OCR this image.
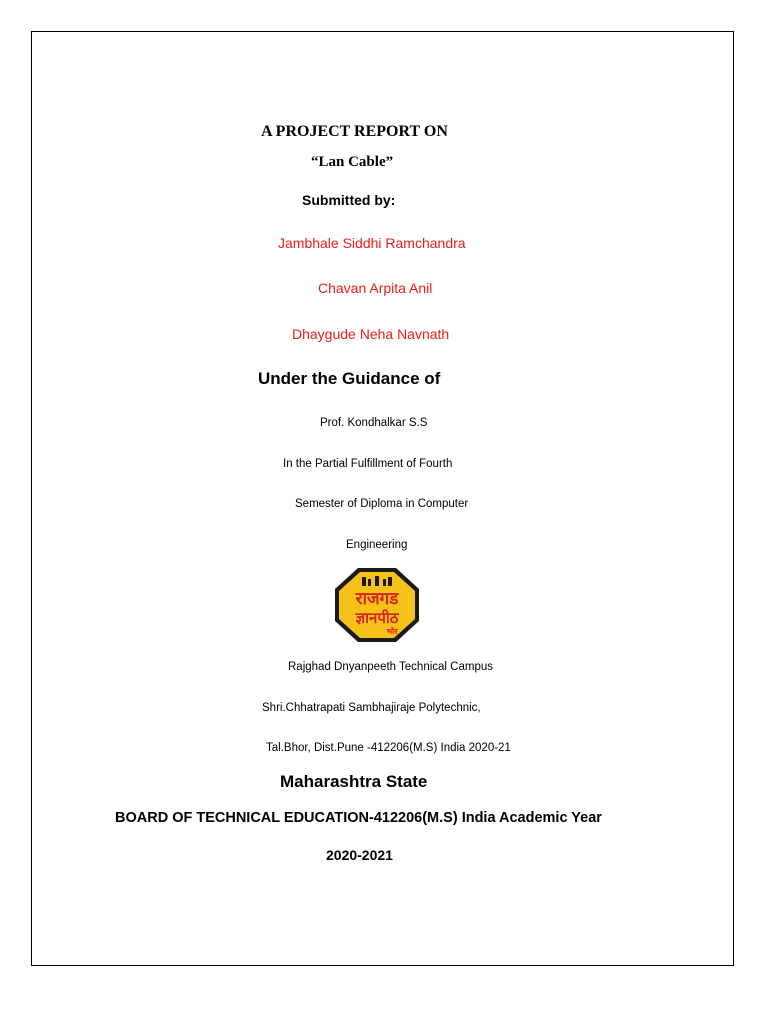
A PROJECT REPORT ON
“Lan Cable”
Submitted by:
Jambhale Siddhi Ramchandra
Chavan Arpita Anil
Dhaygude Neha Navnath
Under the Guidance of
Prof. Kondhalkar S.S
In the Partial Fulfillment of Fourth
Semester of Diploma in Computer
Engineering
राजगड
ज्ञानपीठ
भोर
Rajghad Dnyanpeeth Technical Campus
Shri.Chhatrapati Sambhajiraje Polytechnic,
Tal.Bhor, Dist.Pune -412206(M.S) India 2020-21
Maharashtra State
BOARD OF TECHNICAL EDUCATION-412206(M.S) India Academic Year
2020-2021
